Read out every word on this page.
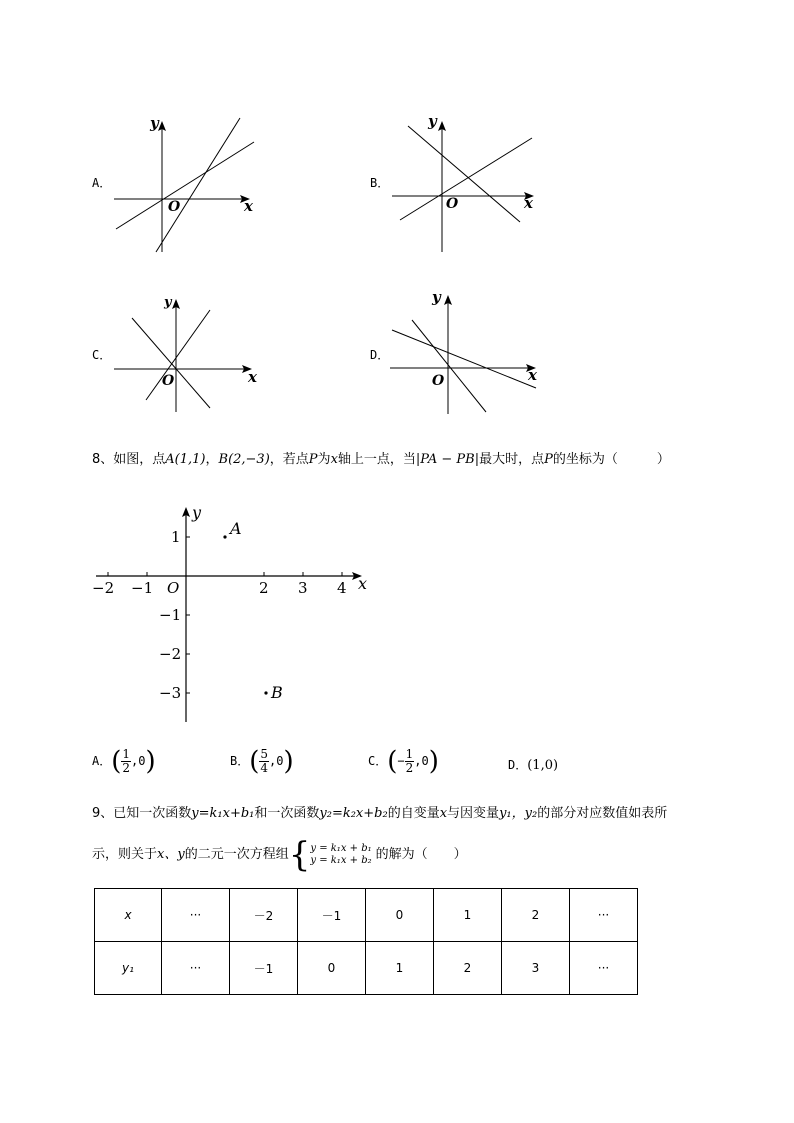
A．
y
x
O
B．
y
x
O
C．
y
x
O
D．
y
x
O
8、如图，点A(1,1)，B(2,−3)，若点P为x轴上一点，当|PA − PB|最大时，点P的坐标为（　　　）
−2 −1	2 3 4
1
−1
−2
−3
O	x
y
A
B
A．( $\frac{1}{2} ,0$)	B．( $\frac{5}{4} ,0$)	C．(− $\frac{1}{2} ,0$)	D．(1,0)
9、已知一次函数y=k₁x+b₁和一次函数y₂=k₂x+b₂的自变量x与因变量y₁，y₂的部分对应数值如表所
示，则关于 x、y 的二元一次方程组 { y = k₁x + b₁
y = k₁x + b₂ 的解为（　　）
x	···	－2	－1	0	1	2	···
y₁	···	－1	0	1	2	3	···
